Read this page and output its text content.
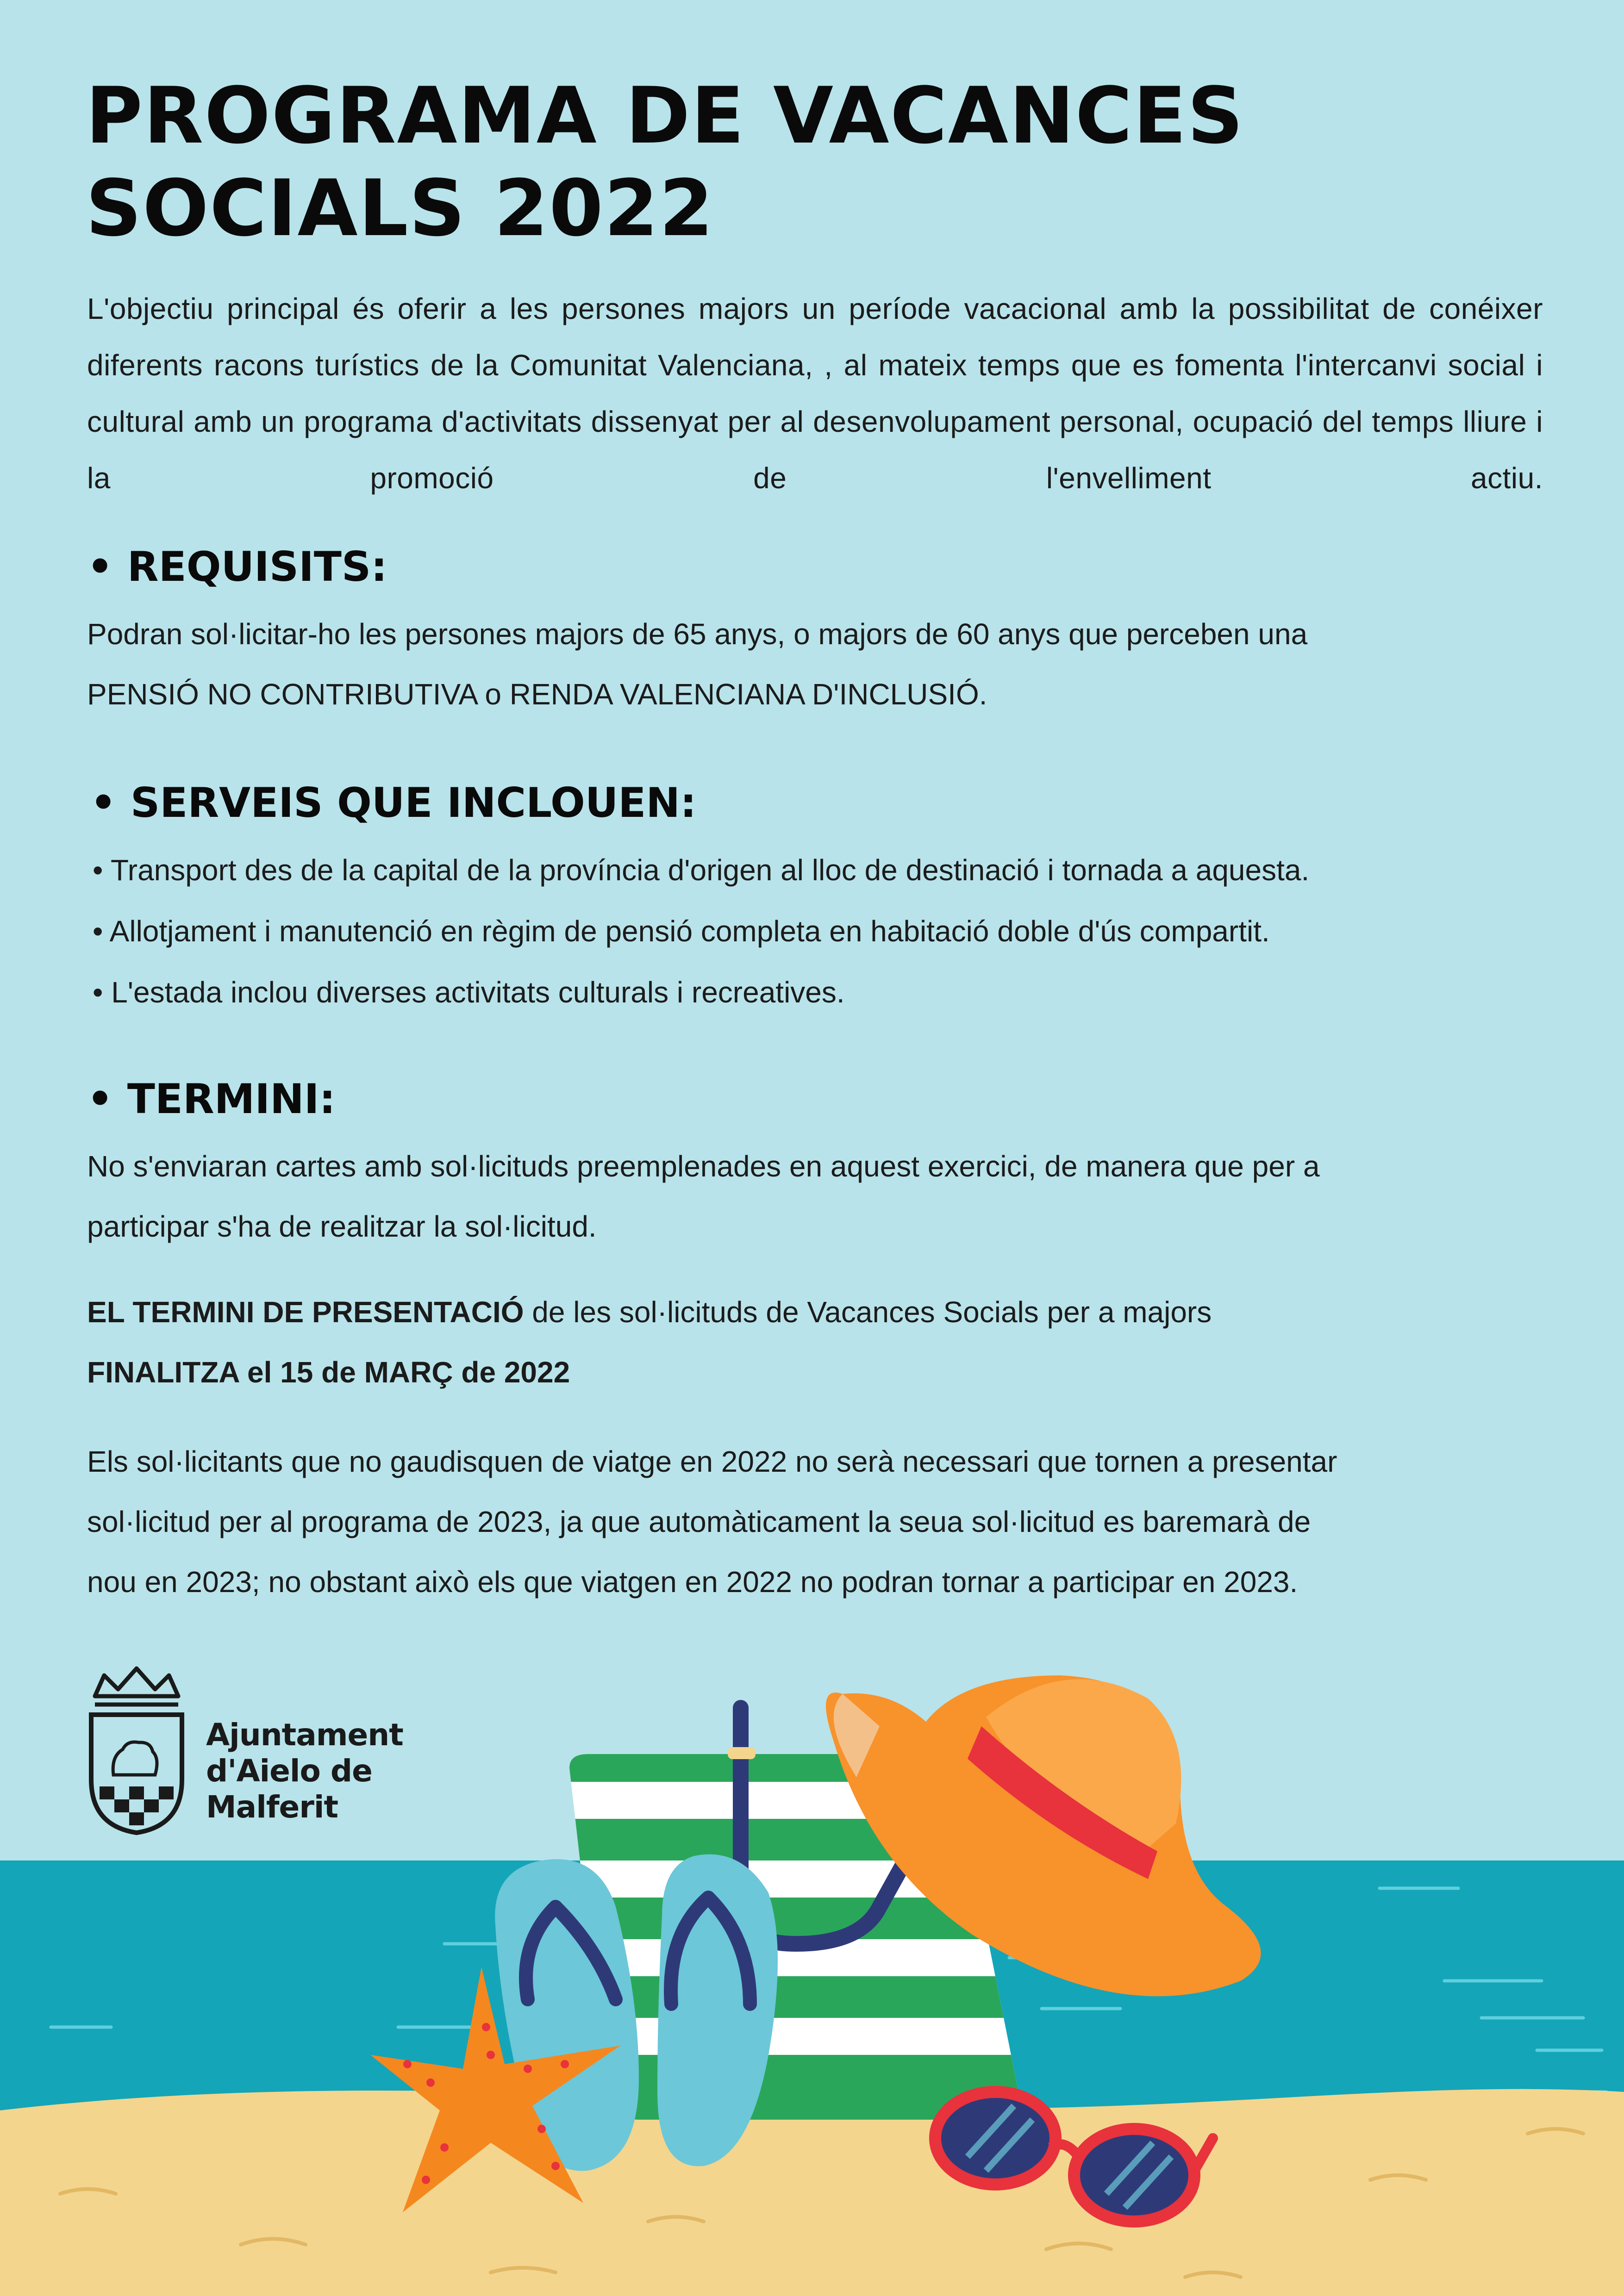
PROGRAMA DE VACANCES
SOCIALS 2022

L'objectiu principal és oferir a les persones majors un període vacacional amb la possibilitat de conéixer diferents racons turístics de la Comunitat Valenciana, , al mateix temps que es fomenta l'intercanvi social i cultural amb un programa d'activitats dissenyat per al desenvolupament personal, ocupació del temps lliure i la promoció de l'envelliment actiu.

• REQUISITS:
Podran sol·licitar-ho les persones majors de 65 anys, o majors de 60 anys que perceben una
PENSIÓ NO CONTRIBUTIVA o RENDA VALENCIANA D'INCLUSIÓ.
• SERVEIS QUE INCLOUEN:
• Transport des de la capital de la província d'origen al lloc de destinació i tornada a aquesta.
• Allotjament i manutenció en règim de pensió completa en habitació doble d'ús compartit.
• L'estada inclou diverses activitats culturals i recreatives.
• TERMINI:
No s'enviaran cartes amb sol·licituds preemplenades en aquest exercici, de manera que per a
participar s'ha de realitzar la sol·licitud.
EL TERMINI DE PRESENTACIÓ de les sol·licituds de Vacances Socials per a majors
FINALITZA el 15 de MARÇ de 2022
Els sol·licitants que no gaudisquen de viatge en 2022 no serà necessari que tornen a presentar
sol·licitud per al programa de 2023, ja que automàticament la seua sol·licitud es baremarà de
nou en 2023; no obstant això els que viatgen en 2022 no podran tornar a participar en 2023.
Ajuntament
d'Aielo de Malferit
